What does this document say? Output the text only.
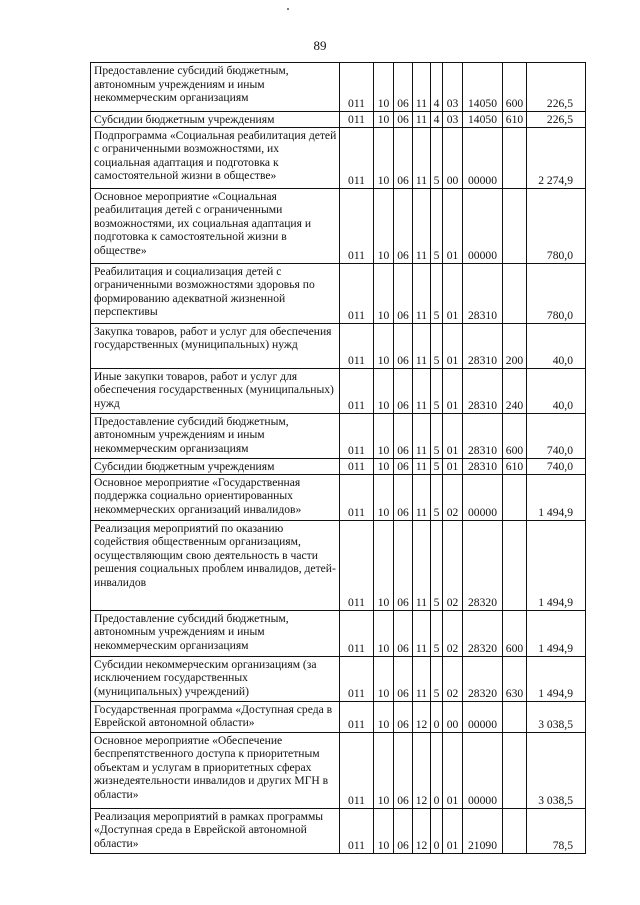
89
Предоставление субсидий бюджетным, автономным учреждениям и иным некоммерческим организациям	011	10	06	11	4	03	14050	600	226,5
Субсидии бюджетным учреждениям	011	10	06	11	4	03	14050	610	226,5
Подпрограмма «Социальная реабилитация детей с ограниченными возможностями, их социальная адаптация и подготовка к самостоятельной жизни в обществе»	011	10	06	11	5	00	00000		2 274,9
Основное мероприятие «Социальная реабилитация детей с ограниченными возможностями, их социальная адаптация и подготовка к самостоятельной жизни в обществе»	011	10	06	11	5	01	00000		780,0
Реабилитация и социализация детей с ограниченными возможностями здоровья по формированию адекватной жизненной перспективы	011	10	06	11	5	01	28310		780,0
Закупка товаров, работ и услуг для обеспечения государственных (муниципальных) нужд	011	10	06	11	5	01	28310	200	40,0
Иные закупки товаров, работ и услуг для обеспечения государственных (муниципальных) нужд	011	10	06	11	5	01	28310	240	40,0
Предоставление субсидий бюджетным, автономным учреждениям и иным некоммерческим организациям	011	10	06	11	5	01	28310	600	740,0
Субсидии бюджетным учреждениям	011	10	06	11	5	01	28310	610	740,0
Основное мероприятие «Государственная поддержка социально ориентированных некоммерческих организаций инвалидов»	011	10	06	11	5	02	00000		1 494,9
Реализация мероприятий по оказанию содействия общественным организациям, осуществляющим свою деятельность в части решения социальных проблем инвалидов, детей-инвалидов	011	10	06	11	5	02	28320		1 494,9
Предоставление субсидий бюджетным, автономным учреждениям и иным некоммерческим организациям	011	10	06	11	5	02	28320	600	1 494,9
Субсидии некоммерческим организациям (за исключением государственных (муниципальных) учреждений)	011	10	06	11	5	02	28320	630	1 494,9
Государственная программа «Доступная среда в Еврейской автономной области»	011	10	06	12	0	00	00000		3 038,5
Основное мероприятие «Обеспечение беспрепятственного доступа к приоритетным объектам и услугам в приоритетных сферах жизнедеятельности инвалидов и других МГН в области»	011	10	06	12	0	01	00000		3 038,5
Реализация мероприятий в рамках программы «Доступная среда в Еврейской автономной области»	011	10	06	12	0	01	21090		78,5
